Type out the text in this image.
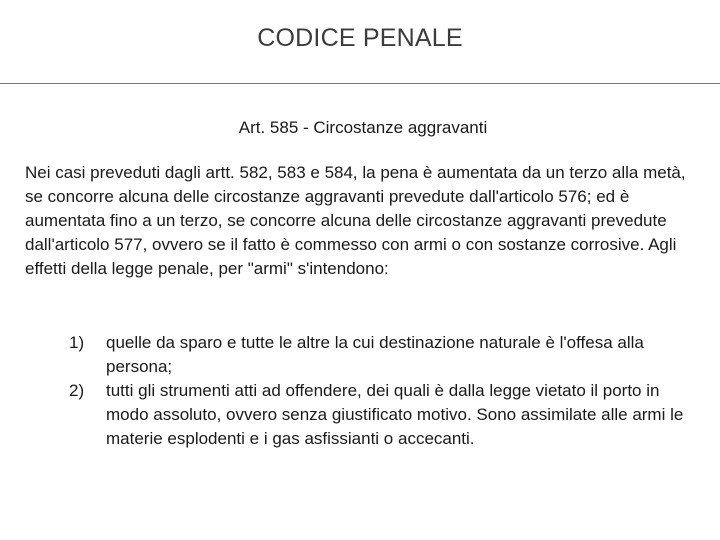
CODICE PENALE
Art. 585 - Circostanze aggravanti
Nei casi preveduti dagli artt. 582, 583 e 584, la pena è aumentata da un terzo alla metà, se concorre alcuna delle circostanze aggravanti prevedute dall'articolo 576; ed è aumentata fino a un terzo, se concorre alcuna delle circostanze aggravanti prevedute dall'articolo 577, ovvero se il fatto è commesso con armi o con sostanze corrosive. Agli effetti della legge penale, per "armi" s'intendono:
1) quelle da sparo e tutte le altre la cui destinazione naturale è l'offesa alla persona;
2) tutti gli strumenti atti ad offendere, dei quali è dalla legge vietato il porto in modo assoluto, ovvero senza giustificato motivo. Sono assimilate alle armi le materie esplodenti e i gas asfissianti o accecanti.
